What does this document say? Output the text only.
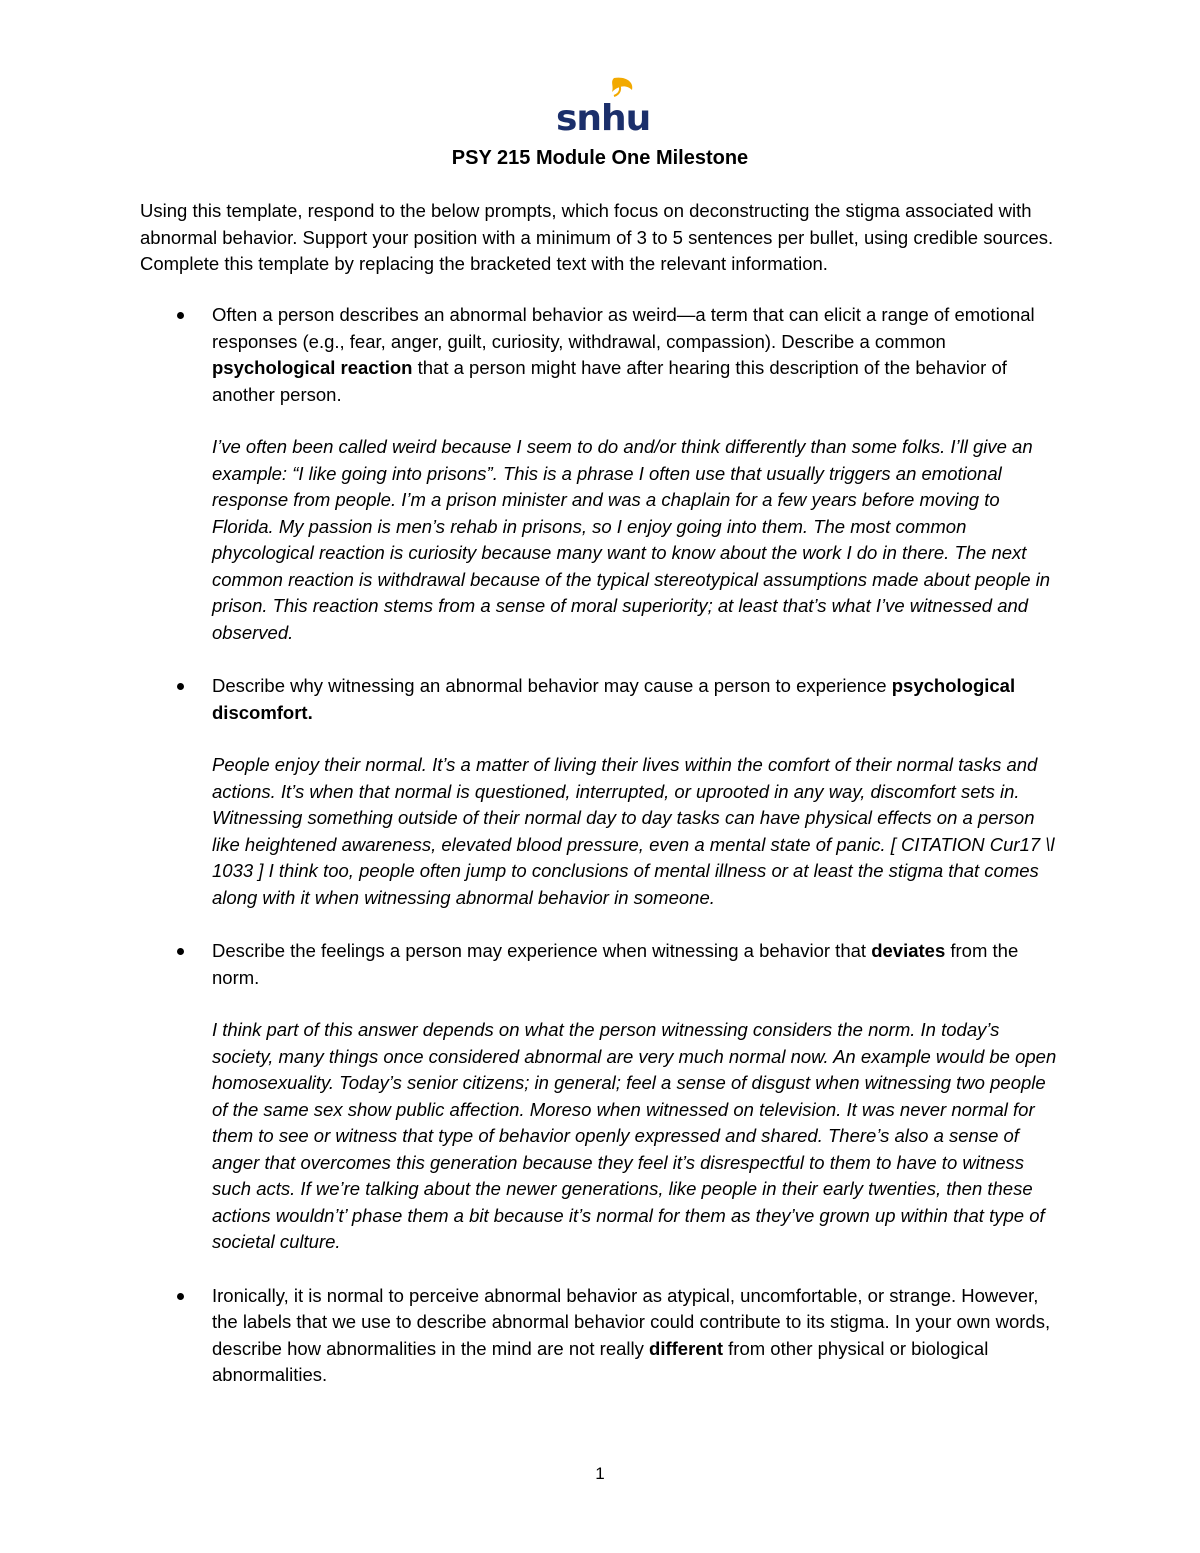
snhu
PSY 215 Module One Milestone

Using this template, respond to the below prompts, which focus on deconstructing the stigma associated with abnormal behavior. Support your position with a minimum of 3 to 5 sentences per bullet, using credible sources. Complete this template by replacing the bracketed text with the relevant information.

Often a person describes an abnormal behavior as weird—a term that can elicit a range of emotional responses (e.g., fear, anger, guilt, curiosity, withdrawal, compassion). Describe a common psychological reaction that a person might have after hearing this description of the behavior of another person.

I’ve often been called weird because I seem to do and/or think differently than some folks. I’ll give an example: “I like going into prisons”. This is a phrase I often use that usually triggers an emotional response from people. I’m a prison minister and was a chaplain for a few years before moving to Florida. My passion is men’s rehab in prisons, so I enjoy going into them. The most common phycological reaction is curiosity because many want to know about the work I do in there. The next common reaction is withdrawal because of the typical stereotypical assumptions made about people in prison. This reaction stems from a sense of moral superiority; at least that’s what I’ve witnessed and observed.

Describe why witnessing an abnormal behavior may cause a person to experience psychological discomfort.

People enjoy their normal. It’s a matter of living their lives within the comfort of their normal tasks and actions. It’s when that normal is questioned, interrupted, or uprooted in any way, discomfort sets in. Witnessing something outside of their normal day to day tasks can have physical effects on a person like heightened awareness, elevated blood pressure, even a mental state of panic. [ CITATION Cur17 \l 1033 ] I think too, people often jump to conclusions of mental illness or at least the stigma that comes along with it when witnessing abnormal behavior in someone.

Describe the feelings a person may experience when witnessing a behavior that deviates from the norm.

I think part of this answer depends on what the person witnessing considers the norm. In today’s society, many things once considered abnormal are very much normal now. An example would be open homosexuality. Today’s senior citizens; in general; feel a sense of disgust when witnessing two people of the same sex show public affection. Moreso when witnessed on television. It was never normal for them to see or witness that type of behavior openly expressed and shared. There’s also a sense of anger that overcomes this generation because they feel it’s disrespectful to them to have to witness such acts. If we’re talking about the newer generations, like people in their early twenties, then these actions wouldn’t’ phase them a bit because it’s normal for them as they’ve grown up within that type of societal culture.

Ironically, it is normal to perceive abnormal behavior as atypical, uncomfortable, or strange. However, the labels that we use to describe abnormal behavior could contribute to its stigma. In your own words, describe how abnormalities in the mind are not really different from other physical or biological abnormalities.

1
